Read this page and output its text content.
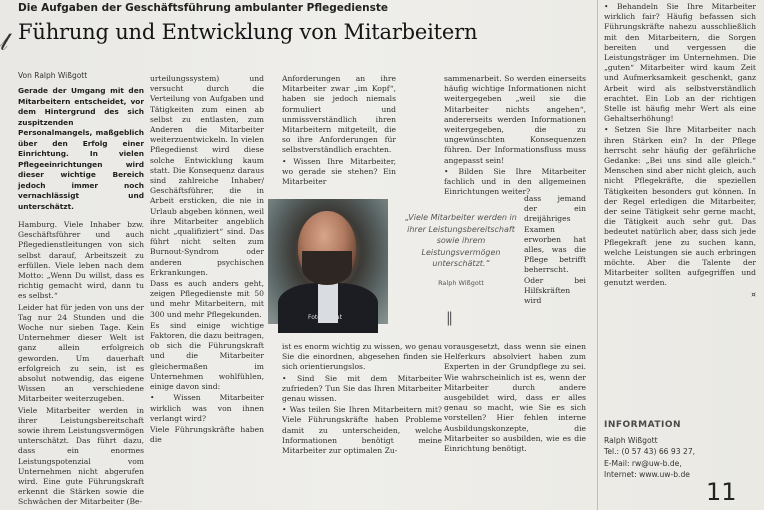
𝓁
Die Aufgaben der Geschäftsführung ambulanter Pflegedienste
Führung und Entwicklung von Mitarbeitern
Von Ralph Wißgott

Gerade der Umgang mit den Mitarbeitern entscheidet, vor dem Hintergrund des sich zuspitzenden Personalmangels, maßgeblich über den Erfolg einer Einrichtung. In vielen Pflegeeinrichtungen wird dieser wichtige Bereich jedoch immer noch vernachlässigt und unterschätzt.

Hamburg. Viele Inhaber bzw. Geschäftsführer und auch Pflegedienstleitungen von sich selbst darauf, Arbeitszeit zu erfüllen. Viele leben nach dem Motto: „Wenn Du willst, dass es richtig gemacht wird, dann tu es selbst.“

Leider hat für jeden von uns der Tag nur 24 Stunden und die Woche nur sieben Tage. Kein Unternehmer dieser Welt ist ganz allein erfolgreich geworden. Um dauerhaft erfolgreich zu sein, ist es absolut notwendig, das eigene Wissen an verschiedene Mitarbeiter weiterzugeben.

Viele Mitarbeiter werden in ihrer Leistungsbereitschaft sowie ihrem Leistungsvermögen unterschätzt. Das führt dazu, dass ein enormes Leistungspotenzial vom Unternehmen nicht abgerufen wird. Eine gute Führungskraft erkennt die Stärken sowie die Schwächen der Mitarbeiter (Be-

urteilungssystem) und versucht durch die Verteilung von Aufgaben und Tätigkeiten zum einen ab selbst zu entlasten, zum Anderen die Mitarbeiter weiterzuentwickeln. In vielen Pflegedienst wird diese solche Entwicklung kaum statt. Die Konsequenz daraus sind zahlreiche Inhaber/ Geschäftsführer, die in Arbeit ersticken, die nie in Urlaub abgeben können, weil ihre Mitarbeiter angeblich nicht „qualifiziert“ sind. Das führt nicht selten zum Burnout-Syndrom oder anderen psychischen Erkrankungen.

Dass es auch anders geht, zeigen Pflegedienste mit 50 und mehr Mitarbeitern, mit 300 und mehr Pflegekunden.

Es sind einige wichtige Faktoren, die dazu beitragen, ob sich die Führungskraft und die Mitarbeiter gleichermaßen im Unternehmen wohlfühlen, einige davon sind:

• Wissen Mitarbeiter wirklich was von ihnen verlangt wird?

Viele Führungskräfte haben die

Foto: Privat

Anforderungen an ihre Mitarbeiter zwar „im Kopf“, haben sie jedoch niemals formuliert und unmissverständlich ihren Mitarbeitern mitgeteilt, die so ihre Anforderungen für selbstverständlich erachten.

• Wissen Ihre Mitarbeiter, wo gerade sie stehen? Ein Mitarbeiter

ist es enorm wichtig zu wissen, wo genau Sie die einordnen, abgesehen finden sie sich orientierungslos.

• Sind Sie mit dem Mitarbeiter zufrieden? Tun Sie das Ihren Mitarbeiter genau wissen.

• Was teilen Sie Ihren Mitarbeitern mit? Viele Führungskräfte haben Probleme damit zu unterscheiden, welche Informationen benötigt meine Mitarbeiter zur optimalen Zu-

„Viele Mitarbeiter werden in ihrer Leistungsbereitschaft sowie ihrem Leistungsvermögen unterschätzt.“
Ralph Wißgott
‖

sammenarbeit. So werden einerseits häufig wichtige Informationen nicht weitergegeben „weil sie die Mitarbeiter nichts angehen“, andererseits werden Informationen weitergegeben, die zu ungewünschten Konsequenzen führen. Der Informationsfluss muss angepasst sein!

• Bilden Sie Ihre Mitarbeiter fachlich und in den allgemeinen Einrichtungen weiter?

dass jemand der ein dreijähriges Examen erworben hat alles, was die Pflege betrifft beherrscht. Oder bei Hilfskräften wird

vorausgesetzt, dass wenn sie einen Helferkurs absolviert haben zum Experten in der Grundpflege zu sei. Wie wahrscheinlich ist es, wenn der Mitarbeiter durch andere ausgebildet wird, dass er alles genau so macht, wie Sie es sich vorstellen? Hier fehlen interne Ausbildungskonzepte, die Mitarbeiter so ausbilden, wie es die Einrichtung benötigt.

• Behandeln Sie Ihre Mitarbeiter wirklich fair? Häufig befassen sich Führungskräfte nahezu ausschließlich mit den Mitarbeitern, die Sorgen bereiten und vergessen die Leistungsträger im Unternehmen. Die „guten“ Mitarbeiter wird kaum Zeit und Aufmerksamkeit geschenkt, ganz Arbeit wird als selbstverständlich erachtet. Ein Lob an der richtigen Stelle ist häufig mehr Wert als eine Gehaltserhöhung!

• Setzen Sie Ihre Mitarbeiter nach ihren Stärken ein? In der Pflege herrscht sehr häufig der gefährliche Gedanke: „Bei uns sind alle gleich.“ Menschen sind aber nicht gleich, auch nicht Pflegekräfte, die speziellen Tätigkeiten besonders gut können. In der Regel erledigen die Mitarbeiter, der seine Tätigkeit sehr gerne macht, die Tätigkeit auch sehr gut. Das bedeutet natürlich aber, dass sich jede Pflegekraft jene zu suchen kann, welche Leistungen sie auch erbringen möchte. Aber die Talente der Mitarbeiter sollten aufgegriffen und genutzt werden.

¤

INFORMATION
Ralph Wißgott
Tel.: (0 57 43) 66 93 27,
E-Mail: rw@uw-b.de,
Internet: www.uw-b.de
11
